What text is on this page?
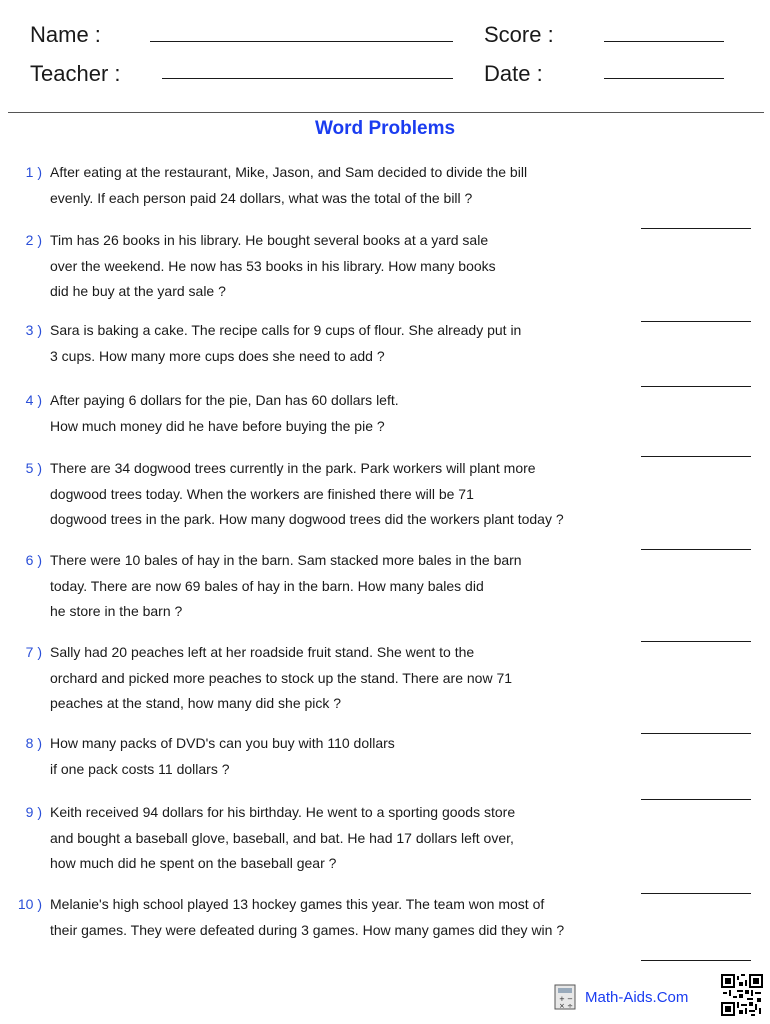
Name :
Teacher :
Score :
Date :
Word Problems
1 ) After eating at the restaurant, Mike, Jason, and Sam decided to divide the bill
evenly. If each person paid 24 dollars, what was the total of the bill ?
2 ) Tim has 26 books in his library. He bought several books at a yard sale
over the weekend. He now has 53 books in his library. How many books
did he buy at the yard sale ?
3 ) Sara is baking a cake. The recipe calls for 9 cups of flour. She already put in
3 cups. How many more cups does she need to add ?
4 ) After paying 6 dollars for the pie, Dan has 60 dollars left.
How much money did he have before buying the pie ?
5 ) There are 34 dogwood trees currently in the park. Park workers will plant more
dogwood trees today. When the workers are finished there will be 71
dogwood trees in the park. How many dogwood trees did the workers plant today ?
6 ) There were 10 bales of hay in the barn. Sam stacked more bales in the barn
today. There are now 69 bales of hay in the barn. How many bales did
he store in the barn ?
7 ) Sally had 20 peaches left at her roadside fruit stand. She went to the
orchard and picked more peaches to stock up the stand. There are now 71
peaches at the stand, how many did she pick ?
8 ) How many packs of DVD's can you buy with 110 dollars
if one pack costs 11 dollars ?
9 ) Keith received 94 dollars for his birthday. He went to a sporting goods store
and bought a baseball glove, baseball, and bat. He had 17 dollars left over,
how much did he spent on the baseball gear ?
10 ) Melanie's high school played 13 hockey games this year. The team won most of
their games. They were defeated during 3 games. How many games did they win ?
+ −
× ÷ Math-Aids.Com
